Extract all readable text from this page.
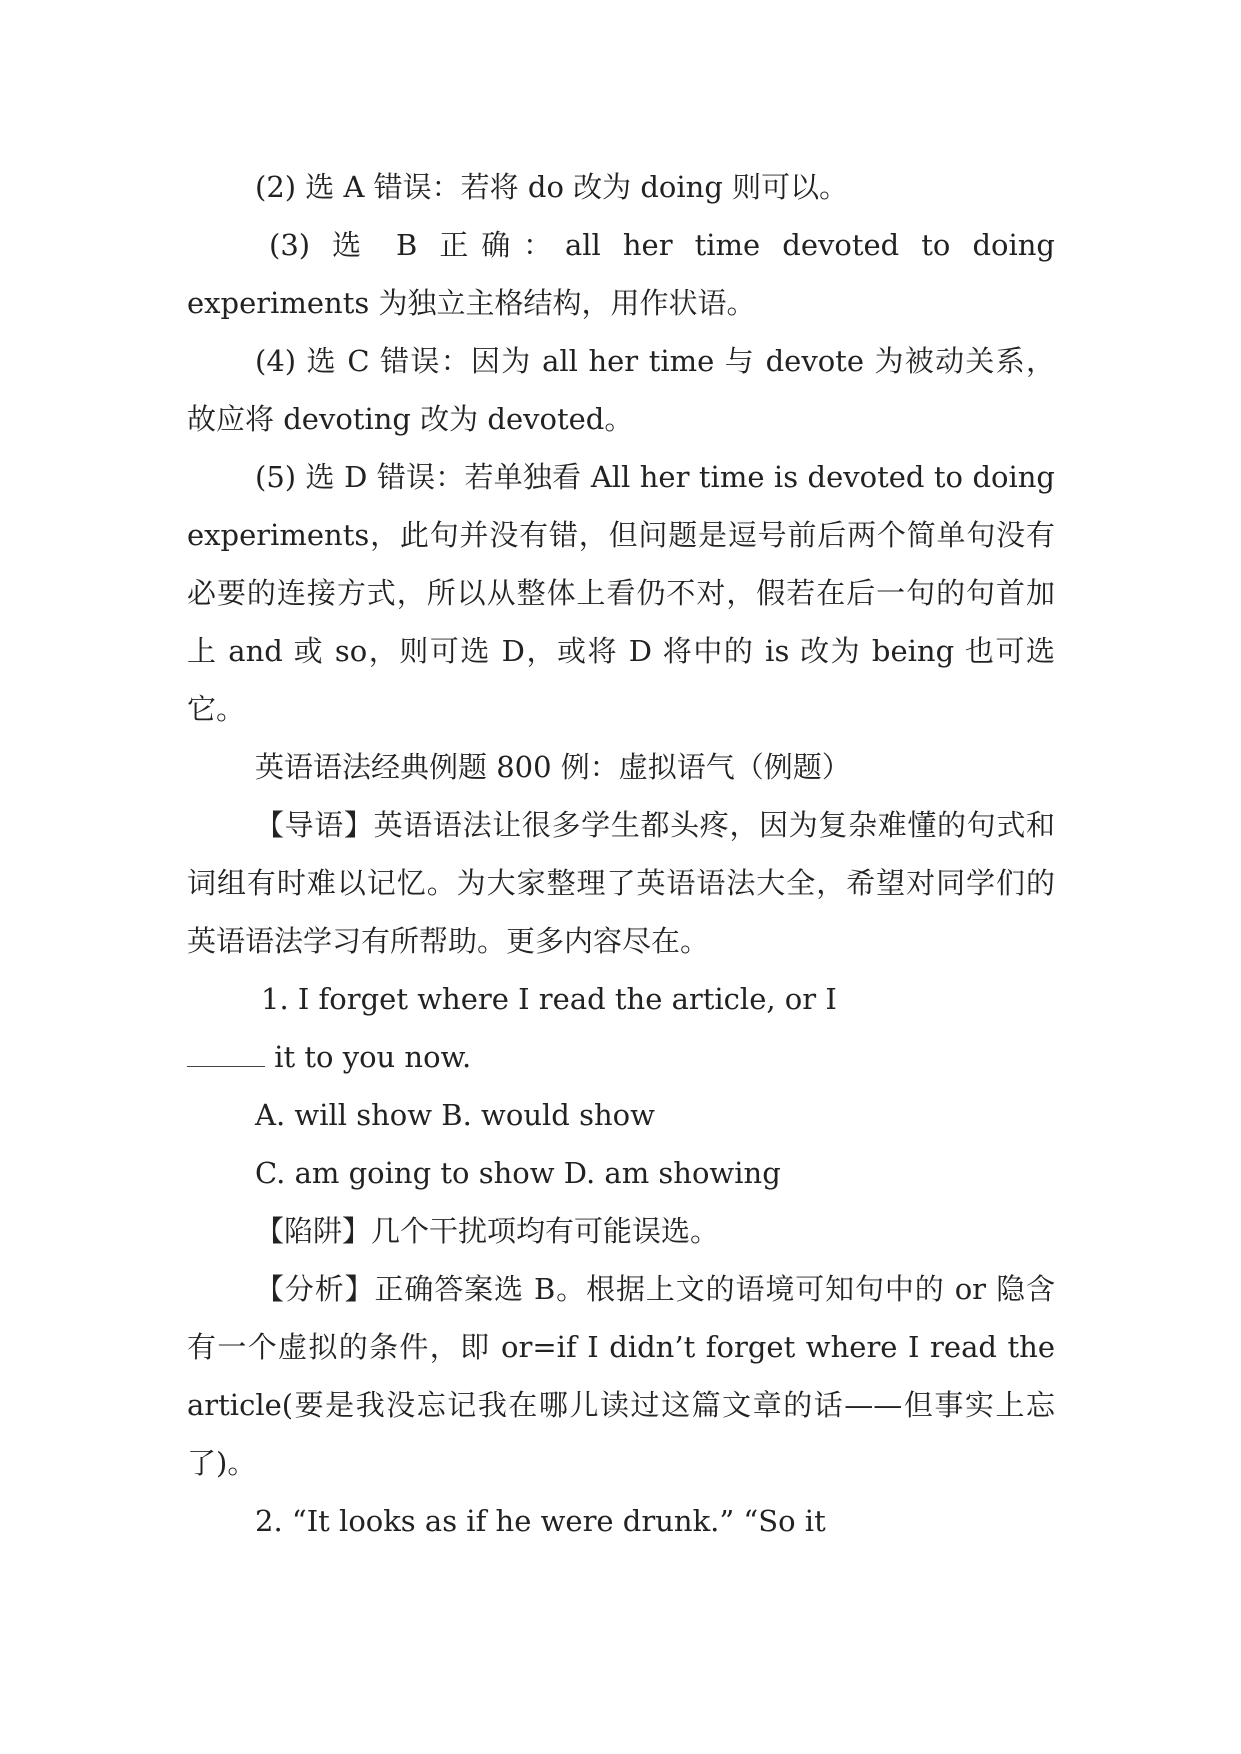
(2) 选 A 错误：若将 do 改为 doing 则可以。

(3) 选 B 正确：all her time devoted to doing experiments 为独立主格结构，用作状语。

(4) 选 C 错误：因为 all her time 与 devote 为被动关系，故应将 devoting 改为 devoted。

(5) 选 D 错误：若单独看 All her time is devoted to doing experiments，此句并没有错，但问题是逗号前后两个简单句没有必要的连接方式，所以从整体上看仍不对，假若在后一句的句首加上 and 或 so，则可选 D，或将 D 将中的 is 改为 being 也可选它。

英语语法经典例题 800 例：虚拟语气（例题）

【导语】英语语法让很多学生都头疼，因为复杂难懂的句式和词组有时难以记忆。为大家整理了英语语法大全，希望对同学们的英语语法学习有所帮助。更多内容尽在。

1. I forget where I read the article, or I
it to you now.

A. will show B. would show

C. am going to show D. am showing

【陷阱】几个干扰项均有可能误选。

【分析】正确答案选 B。根据上文的语境可知句中的 or 隐含有一个虚拟的条件，即 or=if I didn’t forget where I read the article(要是我没忘记我在哪儿读过这篇文章的话——但事实上忘了)。

2. “It looks as if he were drunk.” “So it
